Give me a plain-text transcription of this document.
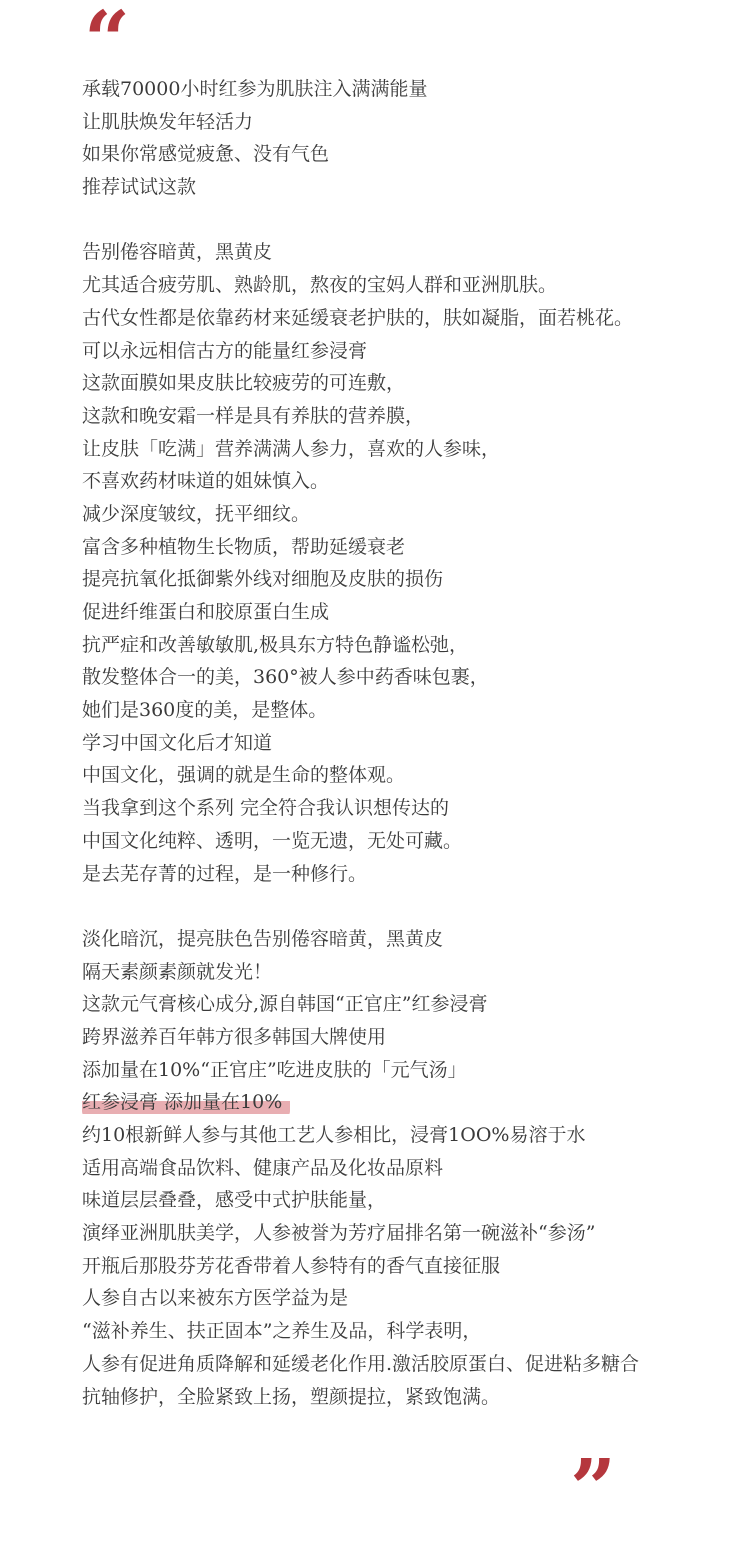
“
承载70000小时红参为肌肤注入满满能量
让肌肤焕发年轻活力
如果你常感觉疲惫、没有气色
推荐试试这款
告别倦容暗黄，黑黄皮
尤其适合疲劳肌、熟龄肌，熬夜的宝妈人群和亚洲肌肤。
古代女性都是依靠药材来延缓衰老护肤的，肤如凝脂，面若桃花。
可以永远相信古方的能量红参浸膏
这款面膜如果皮肤比较疲劳的可连敷，
这款和晚安霜一样是具有养肤的营养膜，
让皮肤「吃满」营养满满人参力，喜欢的人参味，
不喜欢药材味道的姐妹慎入。
减少深度皱纹，抚平细纹。
富含多种植物生长物质，帮助延缓衰老
提亮抗氧化抵御紫外线对细胞及皮肤的损伤
促进纤维蛋白和胶原蛋白生成
抗严症和改善敏敏肌,极具东方特色静谧松弛，
散发整体合一的美，360°被人参中药香味包裹，
她们是360度的美，是整体。
学习中国文化后才知道
中国文化，强调的就是生命的整体观。
当我拿到这个系列 完全符合我认识想传达的
中国文化纯粹、透明，一览无遗，无处可藏。
是去芜存菁的过程，是一种修行。
淡化暗沉，提亮肤色告别倦容暗黄，黑黄皮
隔天素颜素颜就发光！
这款元气膏核心成分,源自韩国“正官庄”红参浸膏
跨界滋养百年韩方很多韩国大牌使用
添加量在10%“正官庄”吃进皮肤的「元气汤」
红参浸膏 添加量在10%
约10根新鲜人参与其他工艺人参相比，浸膏1OO%易溶于水
适用高端食品饮料、健康产品及化妆品原料
味道层层叠叠，感受中式护肤能量，
演绎亚洲肌肤美学，人参被誉为芳疗届排名第一碗滋补“参汤”
开瓶后那股芬芳花香带着人参特有的香气直接征服
人参自古以来被东方医学益为是
“滋补养生、扶正固本”之养生及品，科学表明，
人参有促进角质降解和延缓老化作用.激活胶原蛋白、促进粘多糖合
抗轴修护，全脸紧致上扬，塑颜提拉，紧致饱满。
”
